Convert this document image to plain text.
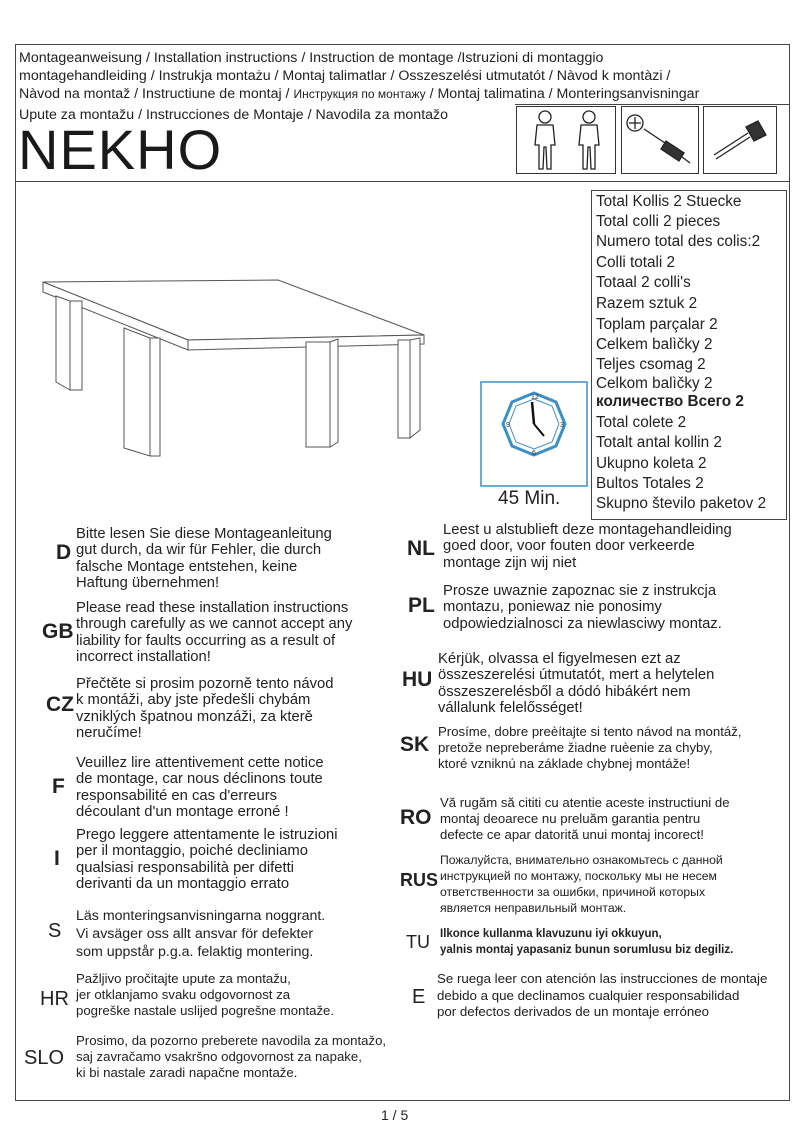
Montageanweisung / Installation instructions / Instruction de montage /Istruzioni di montaggio
montagehandleiding / Instrukja montażu / Montaj talimatlar / Osszeszelési utmutatót / Nàvod k montàzi /
Nàvod na montaž / Instructiune de montaj / Инструкция по монтажу / Montaj talimatina / Monteringsanvisningar
Upute za montažu / Instrucciones de Montaje / Navodila za montažo
NEKHO
Total Kollis 2 Stuecke
Total colli 2 pieces
Numero total des colis:2
Colli totali 2
Totaal 2 colli's
Razem sztuk 2
Toplam parçalar 2
Celkem balìčky 2
Teljes csomag 2
Celkom balìčky 2
количество Всего 2
Total colete 2
Totalt antal kollin 2
Ukupno koleta 2
Bultos Totales 2
Skupno število paketov 2
12
3
6
9
45 Min.
D
Bitte lesen Sie diese Montageanleitung
gut durch, da wir für Fehler, die durch
falsche Montage entstehen, keine
Haftung übernehmen!
GB
Please read these installation instructions
through carefully as we cannot accept any
liability for faults occurring as a result of
incorrect installation!
CZ
Přečtěte si prosim pozorně tento návod
k montáži, aby jste předešli chybám
vzniklých špatnou monzáži, za kterě
neručíme!
F
Veuillez lire attentivement cette notice
de montage, car nous déclinons toute
responsabilité en cas d'erreurs
découlant d'un montage erroné !
I
Prego leggere attentamente le istruzioni
per il montaggio, poiché decliniamo
qualsiasi responsabilità per difetti
derivanti da un montaggio errato
S
Läs monteringsanvisningarna noggrant.
Vi avsäger oss allt ansvar för defekter
som uppstår p.g.a. felaktig montering.
HR
Pažljivo pročitajte upute za montažu,
jer otklanjamo svaku odgovornost za
pogreške nastale uslijed pogrešne montaže.
SLO
Prosimo, da pozorno preberete navodila za montažo,
saj zavračamo vsakršno odgovornost za napake,
ki bi nastale zaradi napačne montaže.
NL
Leest u alstublieft deze montagehandleiding
goed door, voor fouten door verkeerde
montage zijn wij niet
PL
Prosze uwaznie zapoznac sie z instrukcja
montazu, poniewaz nie ponosimy
odpowiedzialnosci za niewlasciwy montaz.
HU
Kérjük, olvassa el figyelmesen ezt az
összeszerelési útmutatót, mert a helytelen
összeszerelésből a dódó hibákért nem
vállalunk felelősséget!
SK
Prosíme, dobre preèítajte si tento návod na montáž,
pretože nepreberáme žiadne ruèenie za chyby,
ktoré vzniknú na základe chybnej montáže!
RO
Vă rugăm să cititi cu atentie aceste instructiuni de
montaj deoarece nu preluăm garantia pentru
defecte ce apar datorită unui montaj incorect!
RUS
Пожалуйста, внимательно ознакомьтесь с данной
инструкцией по монтажу, поскольку мы не несем
ответственности за ошибки, причиной которых
является неправильный монтаж.
TU Ilkonce kullanma klavuzunu iyi okkuyun,
yalnis montaj yapasaniz bunun sorumlusu biz degiliz.
E
Se ruega leer con atención las instrucciones de montaje
debido a que declinamos cualquier responsabilidad
por defectos derivados de un montaje erróneo
1 / 5
